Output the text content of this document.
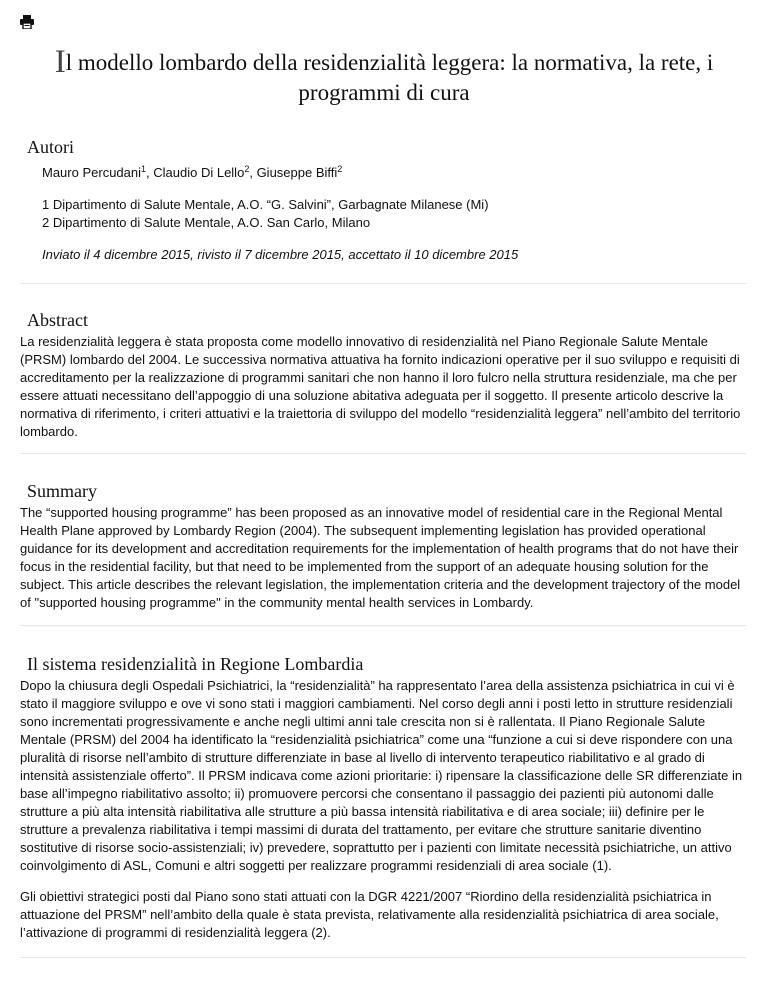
Il modello lombardo della residenzialità leggera: la normativa, la rete, i programmi di cura
Autori
Mauro Percudani$^1$, Claudio Di Lello$^2$, Giuseppe Biffi$^2$
1 Dipartimento di Salute Mentale, A.O. “G. Salvini”, Garbagnate Milanese (Mi)
2 Dipartimento di Salute Mentale, A.O. San Carlo, Milano
Inviato il 4 dicembre 2015, rivisto il 7 dicembre 2015, accettato il 10 dicembre 2015
Abstract

La residenzialità leggera è stata proposta come modello innovativo di residenzialità nel Piano Regionale Salute Mentale (PRSM) lombardo del 2004. Le successiva normativa attuativa ha fornito indicazioni operative per il suo sviluppo e requisiti di accreditamento per la realizzazione di programmi sanitari che non hanno il loro fulcro nella struttura residenziale, ma che per essere attuati necessitano dell’appoggio di una soluzione abitativa adeguata per il soggetto. Il presente articolo descrive la normativa di riferimento, i criteri attuativi e la traiettoria di sviluppo del modello “residenzialità leggera” nell’ambito del territorio lombardo.

Summary

The “supported housing programme” has been proposed as an innovative model of residential care in the Regional Mental Health Plane approved by Lombardy Region (2004). The subsequent implementing legislation has provided operational guidance for its development and accreditation requirements for the implementation of health programs that do not have their focus in the residential facility, but that need to be implemented from the support of an adequate housing solution for the subject. This article describes the relevant legislation, the implementation criteria and the development trajectory of the model of "supported housing programme" in the community mental health services in Lombardy.

Il sistema residenzialità in Regione Lombardia

Dopo la chiusura degli Ospedali Psichiatrici, la “residenzialità” ha rappresentato l’area della assistenza psichiatrica in cui vi è stato il maggiore sviluppo e ove vi sono stati i maggiori cambiamenti. Nel corso degli anni i posti letto in strutture residenziali sono incrementati progressivamente e anche negli ultimi anni tale crescita non si è rallentata. Il Piano Regionale Salute Mentale (PRSM) del 2004 ha identificato la “residenzialità psichiatrica” come una “funzione a cui si deve rispondere con una pluralità di risorse nell’ambito di strutture differenziate in base al livello di intervento terapeutico riabilitativo e al grado di intensità assistenziale offerto”. Il PRSM indicava come azioni prioritarie: i) ripensare la classificazione delle SR differenziate in base all’impegno riabilitativo assolto; ii) promuovere percorsi che consentano il passaggio dei pazienti più autonomi dalle strutture a più alta intensità riabilitativa alle strutture a più bassa intensità riabilitativa e di area sociale; iii) definire per le strutture a prevalenza riabilitativa i tempi massimi di durata del trattamento, per evitare che strutture sanitarie diventino sostitutive di risorse socio-assistenziali; iv) prevedere, soprattutto per i pazienti con limitate necessità psichiatriche, un attivo coinvolgimento di ASL, Comuni e altri soggetti per realizzare programmi residenziali di area sociale (1).

Gli obiettivi strategici posti dal Piano sono stati attuati con la DGR 4221/2007 “Riordino della residenzialità psichiatrica in attuazione del PRSM” nell’ambito della quale è stata prevista, relativamente alla residenzialità psichiatrica di area sociale, l’attivazione di programmi di residenzialità leggera (2).
